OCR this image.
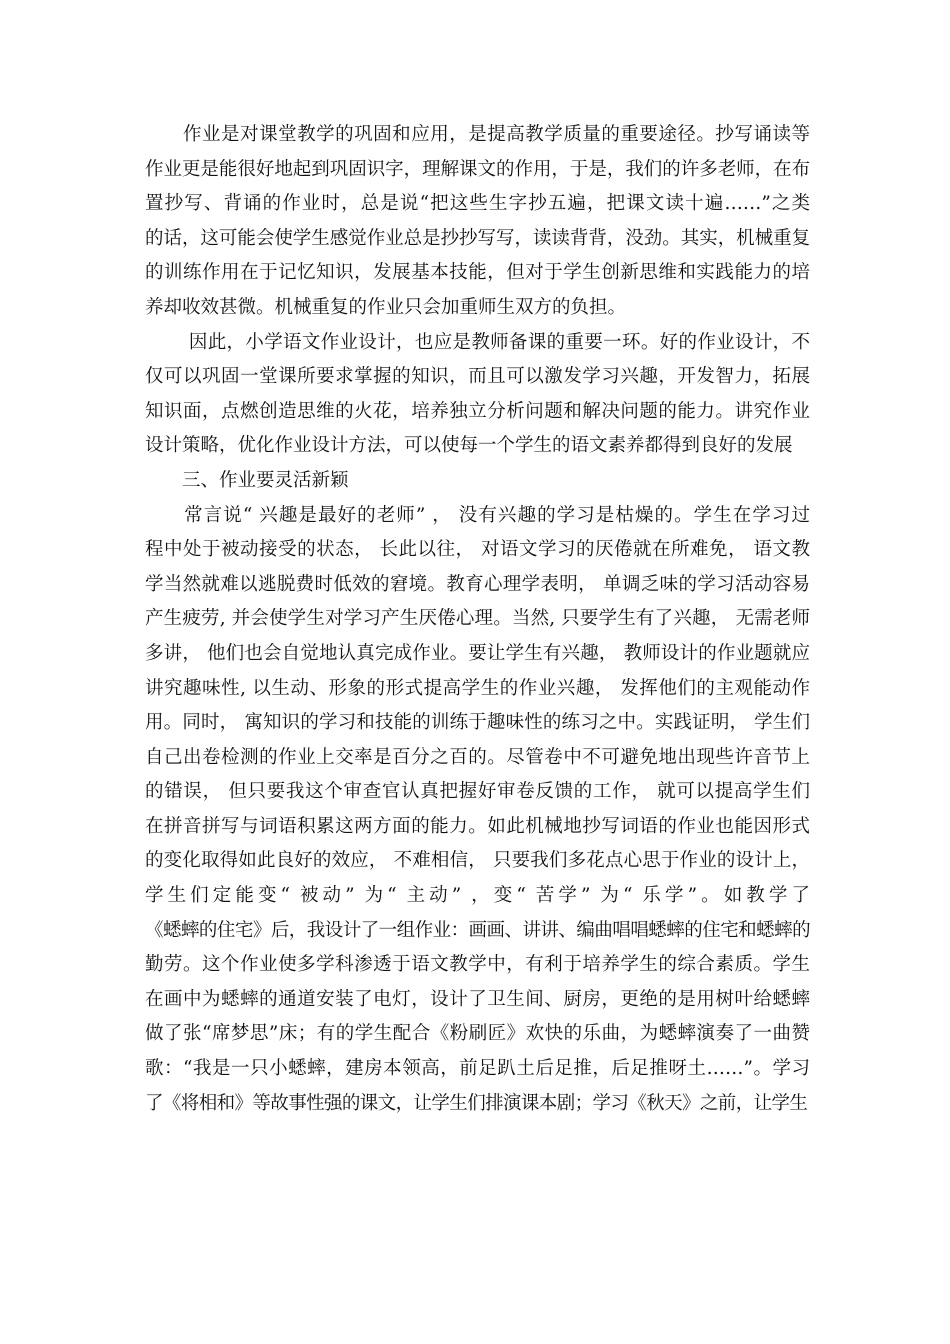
　　作业是对课堂教学的巩固和应用，是提高教学质量的重要途径。抄写诵读等
作业更是能很好地起到巩固识字，理解课文的作用，于是，我们的许多老师，在布
置抄写、背诵的作业时，总是说“把这些生字抄五遍，把课文读十遍……”之类
的话，这可能会使学生感觉作业总是抄抄写写，读读背背，没劲。其实，机械重复
的训练作用在于记忆知识，发展基本技能，但对于学生创新思维和实践能力的培
养却收效甚微。机械重复的作业只会加重师生双方的负担。
　　 因此，小学语文作业设计，也应是教师备课的重要一环。好的作业设计，不
仅可以巩固一堂课所要求掌握的知识，而且可以激发学习兴趣，开发智力，拓展
知识面，点燃创造思维的火花，培养独立分析问题和解决问题的能力。讲究作业
设计策略，优化作业设计方法，可以使每一个学生的语文素养都得到良好的发展
　　三、作业要灵活新颖
　　常言说“ 兴趣是最好的老师” ， 没有兴趣的学习是枯燥的。学生在学习过
程中处于被动接受的状态， 长此以往， 对语文学习的厌倦就在所难免， 语文教
学当然就难以逃脱费时低效的窘境。教育心理学表明， 单调乏味的学习活动容易
产生疲劳, 并会使学生对学习产生厌倦心理。当然, 只要学生有了兴趣， 无需老师
多讲， 他们也会自觉地认真完成作业。要让学生有兴趣， 教师设计的作业题就应
讲究趣味性, 以生动、形象的形式提高学生的作业兴趣， 发挥他们的主观能动作
用。同时， 寓知识的学习和技能的训练于趣味性的练习之中。实践证明， 学生们
自己出卷检测的作业上交率是百分之百的。尽管卷中不可避免地出现些许音节上
的错误， 但只要我这个审查官认真把握好审卷反馈的工作， 就可以提高学生们
在拼音拼写与词语积累这两方面的能力。如此机械地抄写词语的作业也能因形式
的变化取得如此良好的效应， 不难相信， 只要我们多花点心思于作业的设计上，
学生们定能变“ 被动” 为“ 主动” ，变“ 苦学” 为“ 乐学”。如教学了
《蟋蟀的住宅》后，我设计了一组作业：画画、讲讲、编曲唱唱蟋蟀的住宅和蟋蟀的
勤劳。这个作业使多学科渗透于语文教学中，有利于培养学生的综合素质。学生
在画中为蟋蟀的通道安装了电灯，设计了卫生间、厨房，更绝的是用树叶给蟋蟀
做了张“席梦思”床；有的学生配合《粉刷匠》欢快的乐曲，为蟋蟀演奏了一曲赞
歌：“我是一只小蟋蟀，建房本领高，前足趴土后足推，后足推呀土……”。学习
了《将相和》等故事性强的课文，让学生们排演课本剧；学习《秋天》之前，让学生
